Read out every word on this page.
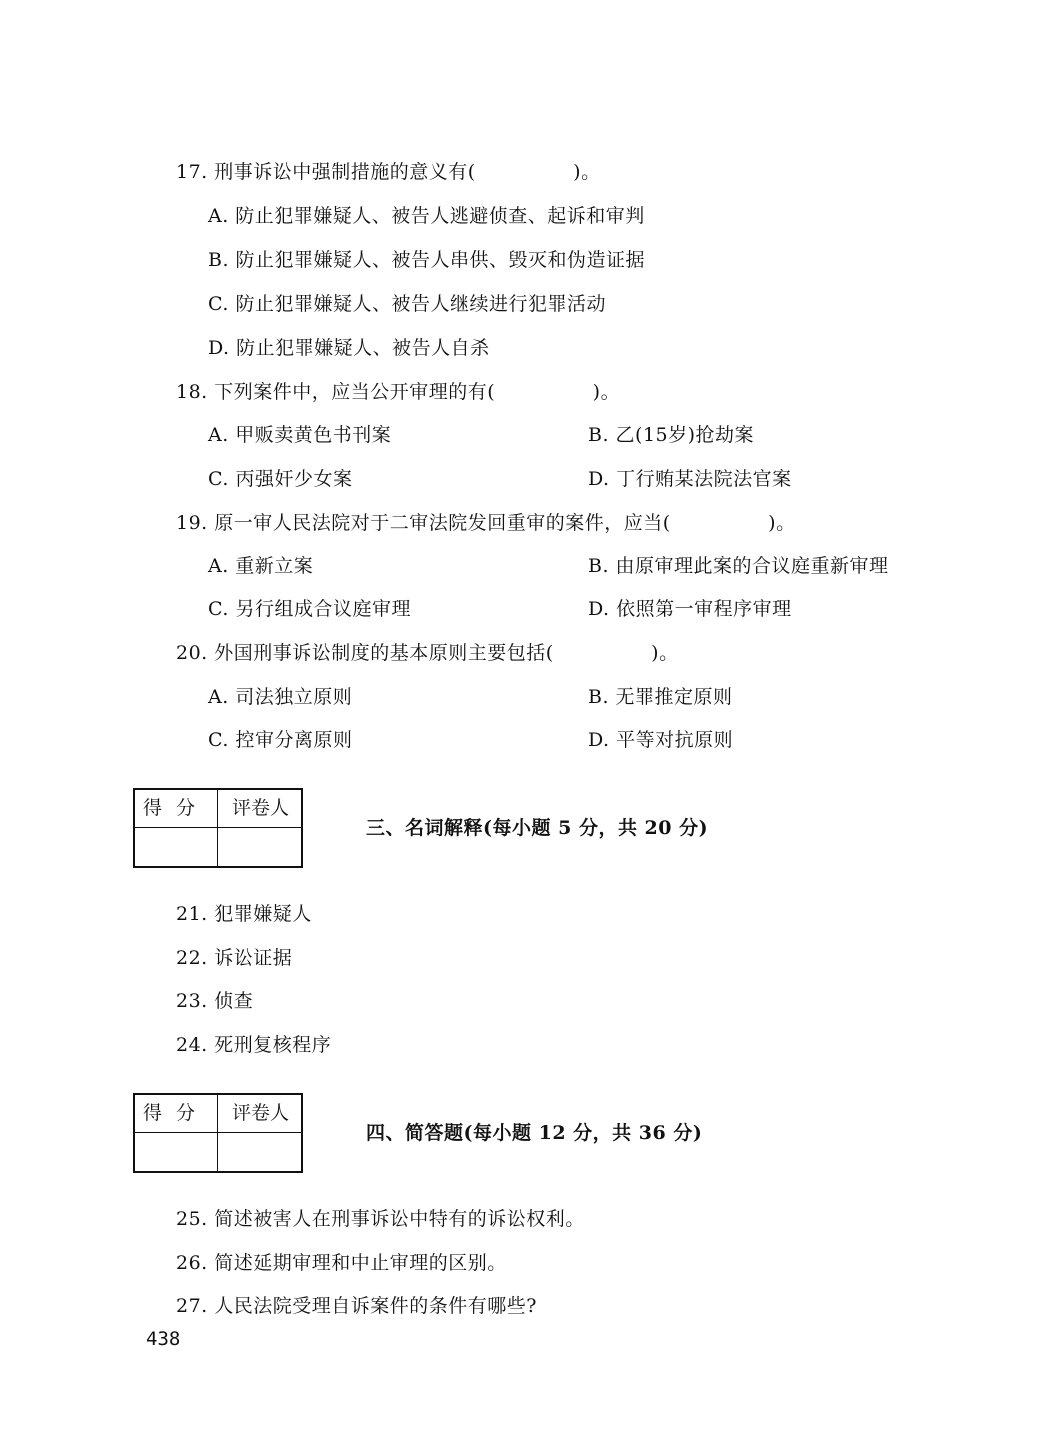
17. 刑事诉讼中强制措施的意义有(　　　　　)。
A. 防止犯罪嫌疑人、被告人逃避侦查、起诉和审判
B. 防止犯罪嫌疑人、被告人串供、毁灭和伪造证据
C. 防止犯罪嫌疑人、被告人继续进行犯罪活动
D. 防止犯罪嫌疑人、被告人自杀
18. 下列案件中，应当公开审理的有(　　　　　)。
A. 甲贩卖黄色书刊案	B. 乙(15岁)抢劫案
C. 丙强奸少女案	D. 丁行贿某法院法官案
19. 原一审人民法院对于二审法院发回重审的案件，应当(　　　　　)。
A. 重新立案	B. 由原审理此案的合议庭重新审理
C. 另行组成合议庭审理	D. 依照第一审程序审理
20. 外国刑事诉讼制度的基本原则主要包括(　　　　　)。
A. 司法独立原则	B. 无罪推定原则
C. 控审分离原则	D. 平等对抗原则
得分	评卷人
三、名词解释(每小题 5 分，共 20 分)
21. 犯罪嫌疑人
22. 诉讼证据
23. 侦查
24. 死刑复核程序
得分	评卷人
四、简答题(每小题 12 分，共 36 分)
25. 简述被害人在刑事诉讼中特有的诉讼权利。
26. 简述延期审理和中止审理的区别。
27. 人民法院受理自诉案件的条件有哪些?
438
